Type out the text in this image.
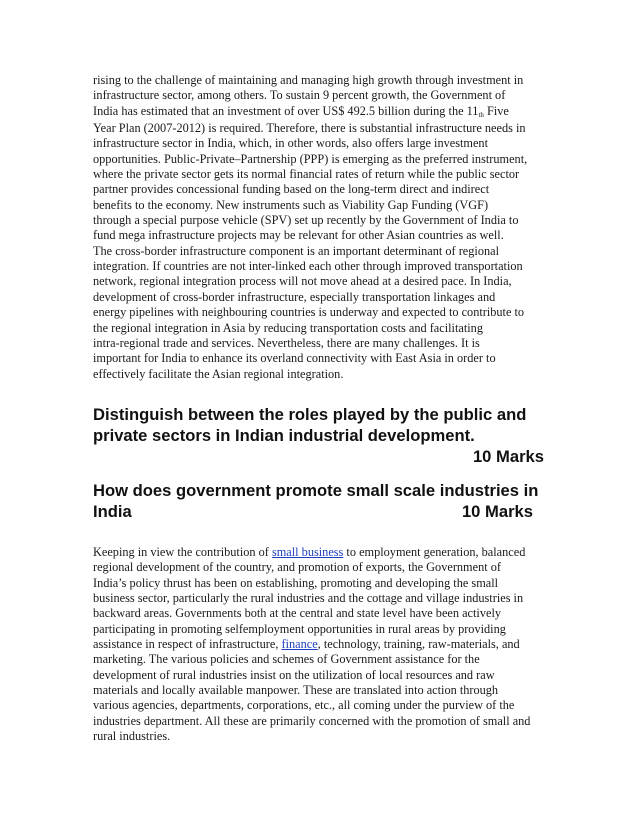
rising to the challenge of maintaining and managing high growth through investment in
infrastructure sector, among others. To sustain 9 percent growth, the Government of
India has estimated that an investment of over US$ 492.5 billion during the 11th Five
Year Plan (2007-2012) is required. Therefore, there is substantial infrastructure needs in
infrastructure sector in India, which, in other words, also offers large investment
opportunities. Public-Private–Partnership (PPP) is emerging as the preferred instrument,
where the private sector gets its normal financial rates of return while the public sector
partner provides concessional funding based on the long-term direct and indirect
benefits to the economy. New instruments such as Viability Gap Funding (VGF)
through a special purpose vehicle (SPV) set up recently by the Government of India to
fund mega infrastructure projects may be relevant for other Asian countries as well.
The cross-border infrastructure component is an important determinant of regional
integration. If countries are not inter-linked each other through improved transportation
network, regional integration process will not move ahead at a desired pace. In India,
development of cross-border infrastructure, especially transportation linkages and
energy pipelines with neighbouring countries is underway and expected to contribute to
the regional integration in Asia by reducing transportation costs and facilitating
intra-regional trade and services. Nevertheless, there are many challenges. It is
important for India to enhance its overland connectivity with East Asia in order to
effectively facilitate the Asian regional integration.
Distinguish between the roles played by the public and
private sectors in Indian industrial development.
10 Marks
How does government promote small scale industries in
India	10 Marks
Keeping in view the contribution of small business to employment generation, balanced
regional development of the country, and promotion of exports, the Government of
India’s policy thrust has been on establishing, promoting and developing the small
business sector, particularly the rural industries and the cottage and village industries in
backward areas. Governments both at the central and state level have been actively
participating in promoting selfemployment opportunities in rural areas by providing
assistance in respect of infrastructure, finance, technology, training, raw-materials, and
marketing. The various policies and schemes of Government assistance for the
development of rural industries insist on the utilization of local resources and raw
materials and locally available manpower. These are translated into action through
various agencies, departments, corporations, etc., all coming under the purview of the
industries department. All these are primarily concerned with the promotion of small and
rural industries.
